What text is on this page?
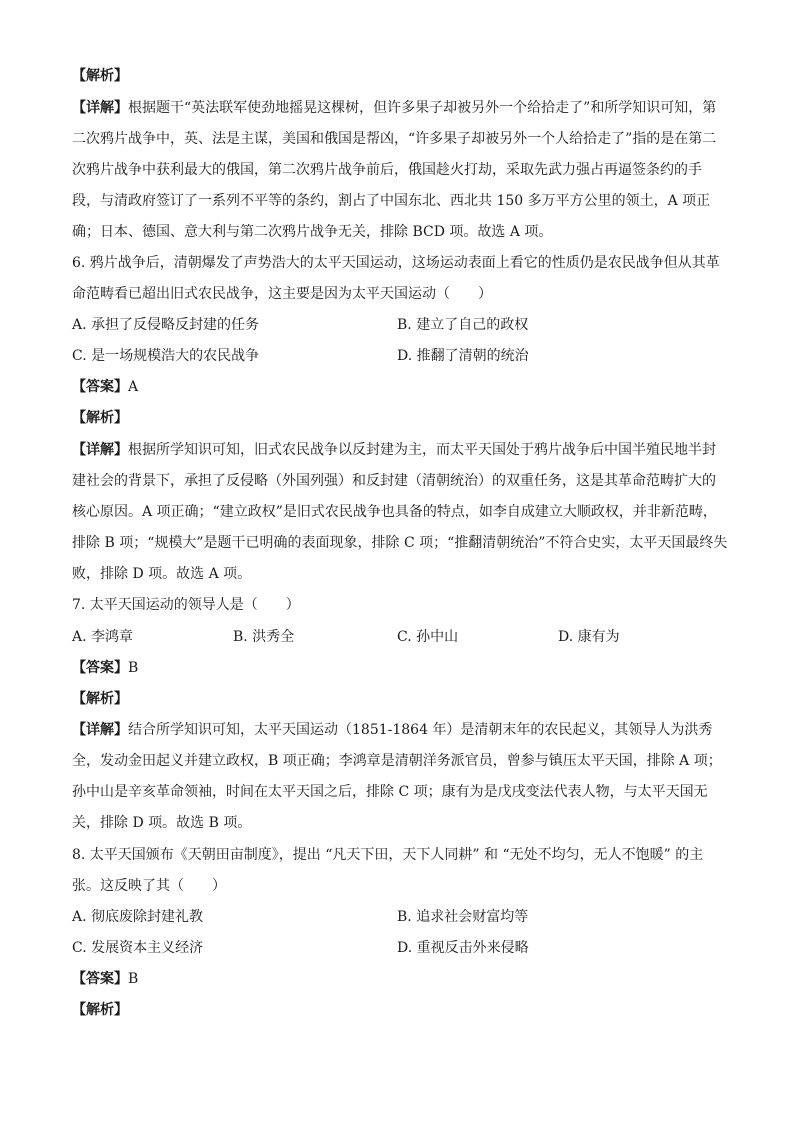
【解析】
【详解】根据题干“英法联军使劲地摇晃这棵树，但许多果子却被另外一个给拾走了”和所学知识可知，第
二次鸦片战争中，英、法是主谋，美国和俄国是帮凶，“许多果子却被另外一个人给拾走了”指的是在第二
次鸦片战争中获利最大的俄国，第二次鸦片战争前后，俄国趁火打劫，采取先武力强占再逼签条约的手
段，与清政府签订了一系列不平等的条约，割占了中国东北、西北共 150 多万平方公里的领土，A 项正
确；日本、德国、意大利与第二次鸦片战争无关，排除 BCD 项。故选 A 项。
6. 鸦片战争后，清朝爆发了声势浩大的太平天国运动，这场运动表面上看它的性质仍是农民战争但从其革
命范畴看已超出旧式农民战争，这主要是因为太平天国运动（　　）
A. 承担了反侵略反封建的任务	B. 建立了自己的政权
C. 是一场规模浩大的农民战争	D. 推翻了清朝的统治
【答案】A
【解析】
【详解】根据所学知识可知，旧式农民战争以反封建为主，而太平天国处于鸦片战争后中国半殖民地半封
建社会的背景下，承担了反侵略（外国列强）和反封建（清朝统治）的双重任务，这是其革命范畴扩大的
核心原因。A 项正确；“建立政权”是旧式农民战争也具备的特点，如李自成建立大顺政权，并非新范畴，
排除 B 项；“规模大”是题干已明确的表面现象，排除 C 项；“推翻清朝统治”不符合史实，太平天国最终失
败，排除 D 项。故选 A 项。
7. 太平天国运动的领导人是（　　）
A. 李鸿章	B. 洪秀全	C. 孙中山	D. 康有为
【答案】B
【解析】
【详解】结合所学知识可知，太平天国运动（1851-1864 年）是清朝末年的农民起义，其领导人为洪秀
全，发动金田起义并建立政权，B 项正确；李鸿章是清朝洋务派官员，曾参与镇压太平天国，排除 A 项；
孙中山是辛亥革命领袖，时间在太平天国之后，排除 C 项；康有为是戊戌变法代表人物，与太平天国无
关，排除 D 项。故选 B 项。
8. 太平天国颁布《天朝田亩制度》，提出 “凡天下田，天下人同耕” 和 “无处不均匀，无人不饱暖” 的主
张。这反映了其（　　）
A. 彻底废除封建礼教	B. 追求社会财富均等
C. 发展资本主义经济	D. 重视反击外来侵略
【答案】B
【解析】
